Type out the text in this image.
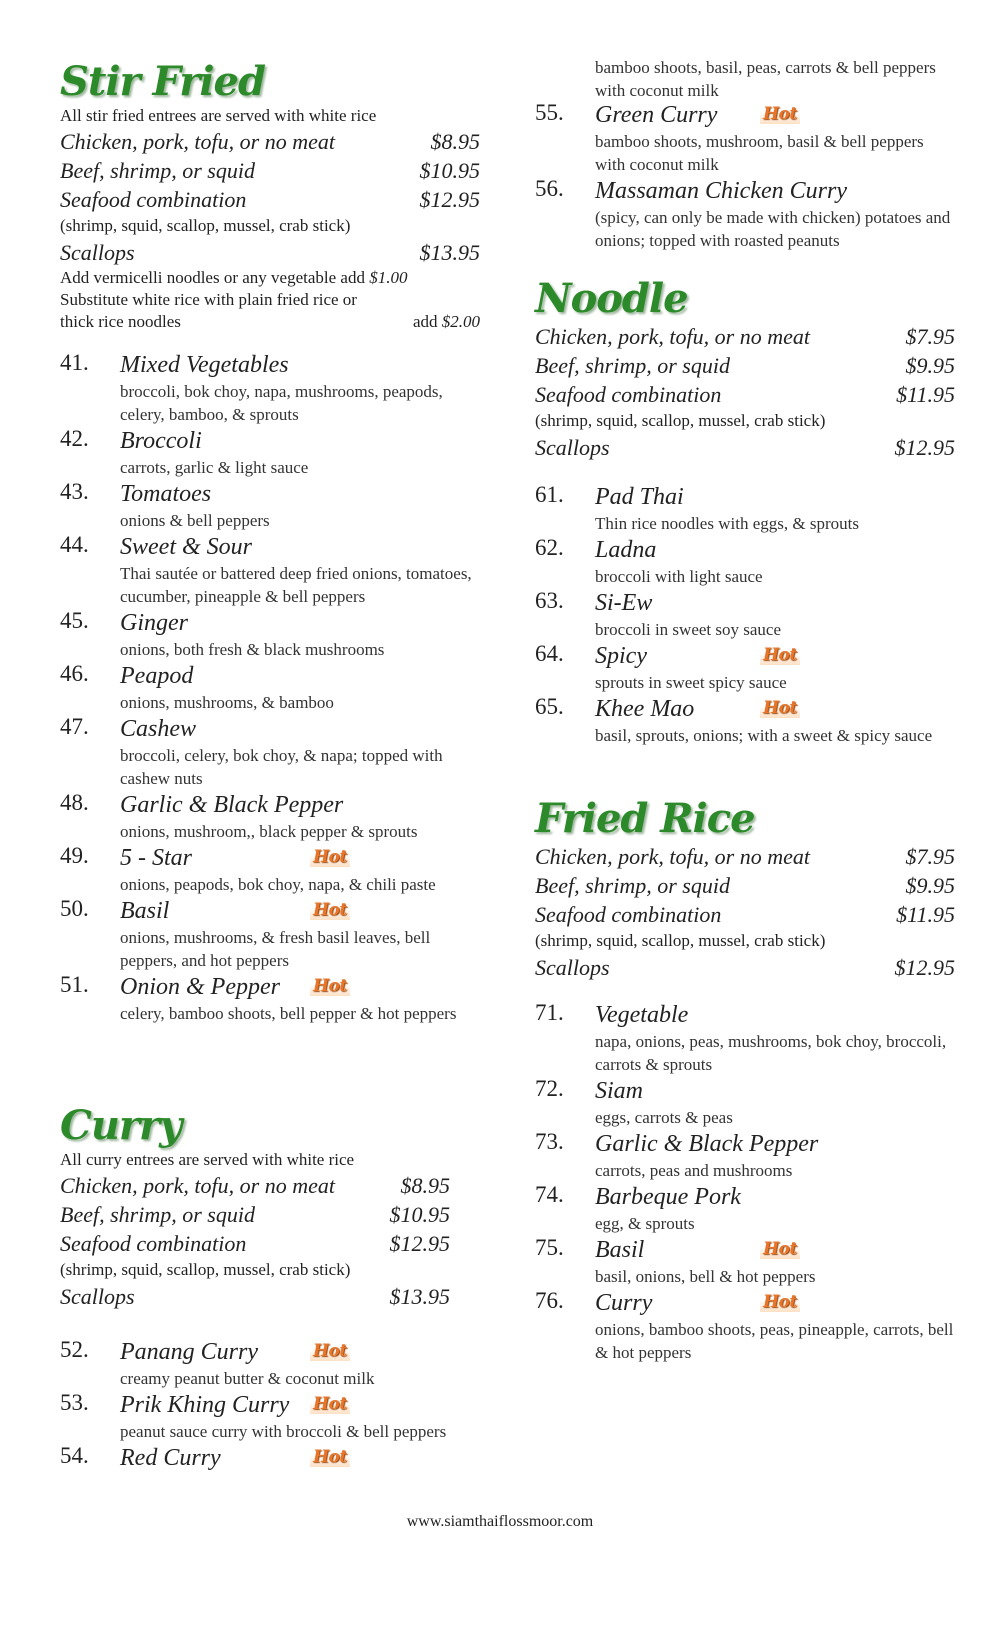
Stir Fried
All stir fried entrees are served with white rice
Chicken, pork, tofu, or no meat	$8.95
Beef, shrimp, or squid	$10.95
Seafood combination	$12.95
(shrimp, squid, scallop, mussel, crab stick)
Scallops	$13.95
Add vermicelli noodles or any vegetable add $1.00
Substitute white rice with plain fried rice or
thick rice noodles	add $2.00
41. Mixed Vegetables
broccoli, bok choy, napa, mushrooms, peapods, celery, bamboo, & sprouts
42. Broccoli
carrots, garlic & light sauce
43. Tomatoes
onions & bell peppers
44. Sweet & Sour
Thai sautée or battered deep fried onions, tomatoes, cucumber, pineapple & bell peppers
45. Ginger
onions, both fresh & black mushrooms
46. Peapod
onions, mushrooms, & bamboo
47. Cashew
broccoli, celery, bok choy, & napa; topped with cashew nuts
48. Garlic & Black Pepper
onions, mushroom,, black pepper & sprouts
49. 5 - Star	Hot
onions, peapods, bok choy, napa, & chili paste
50. Basil	Hot
onions, mushrooms, & fresh basil leaves, bell peppers, and hot peppers
51. Onion & Pepper	Hot
celery, bamboo shoots, bell pepper & hot peppers
Curry
All curry entrees are served with white rice
Chicken, pork, tofu, or no meat	$8.95
Beef, shrimp, or squid	$10.95
Seafood combination	$12.95
(shrimp, squid, scallop, mussel, crab stick)
Scallops	$13.95
52. Panang Curry	Hot
creamy peanut butter & coconut milk
53. Prik Khing Curry	Hot
peanut sauce curry with broccoli & bell peppers
54. Red Curry	Hot
bamboo shoots, basil, peas, carrots & bell peppers with coconut milk
55. Green Curry	Hot
bamboo shoots, mushroom, basil & bell peppers with coconut milk
56. Massaman Chicken Curry
(spicy, can only be made with chicken) potatoes and onions; topped with roasted peanuts
Noodle
Chicken, pork, tofu, or no meat	$7.95
Beef, shrimp, or squid	$9.95
Seafood combination	$11.95
(shrimp, squid, scallop, mussel, crab stick)
Scallops	$12.95
61. Pad Thai
Thin rice noodles with eggs, & sprouts
62. Ladna
broccoli with light sauce
63. Si-Ew
broccoli in sweet soy sauce
64. Spicy	Hot
sprouts in sweet spicy sauce
65. Khee Mao	Hot
basil, sprouts, onions; with a sweet & spicy sauce
Fried Rice
Chicken, pork, tofu, or no meat	$7.95
Beef, shrimp, or squid	$9.95
Seafood combination	$11.95
(shrimp, squid, scallop, mussel, crab stick)
Scallops	$12.95
71. Vegetable
napa, onions, peas, mushrooms, bok choy, broccoli, carrots & sprouts
72. Siam
eggs, carrots & peas
73. Garlic & Black Pepper
carrots, peas and mushrooms
74. Barbeque Pork
egg, & sprouts
75. Basil	Hot
basil, onions, bell & hot peppers
76. Curry	Hot
onions, bamboo shoots, peas, pineapple, carrots, bell & hot peppers
www.siamthaiflossmoor.com
